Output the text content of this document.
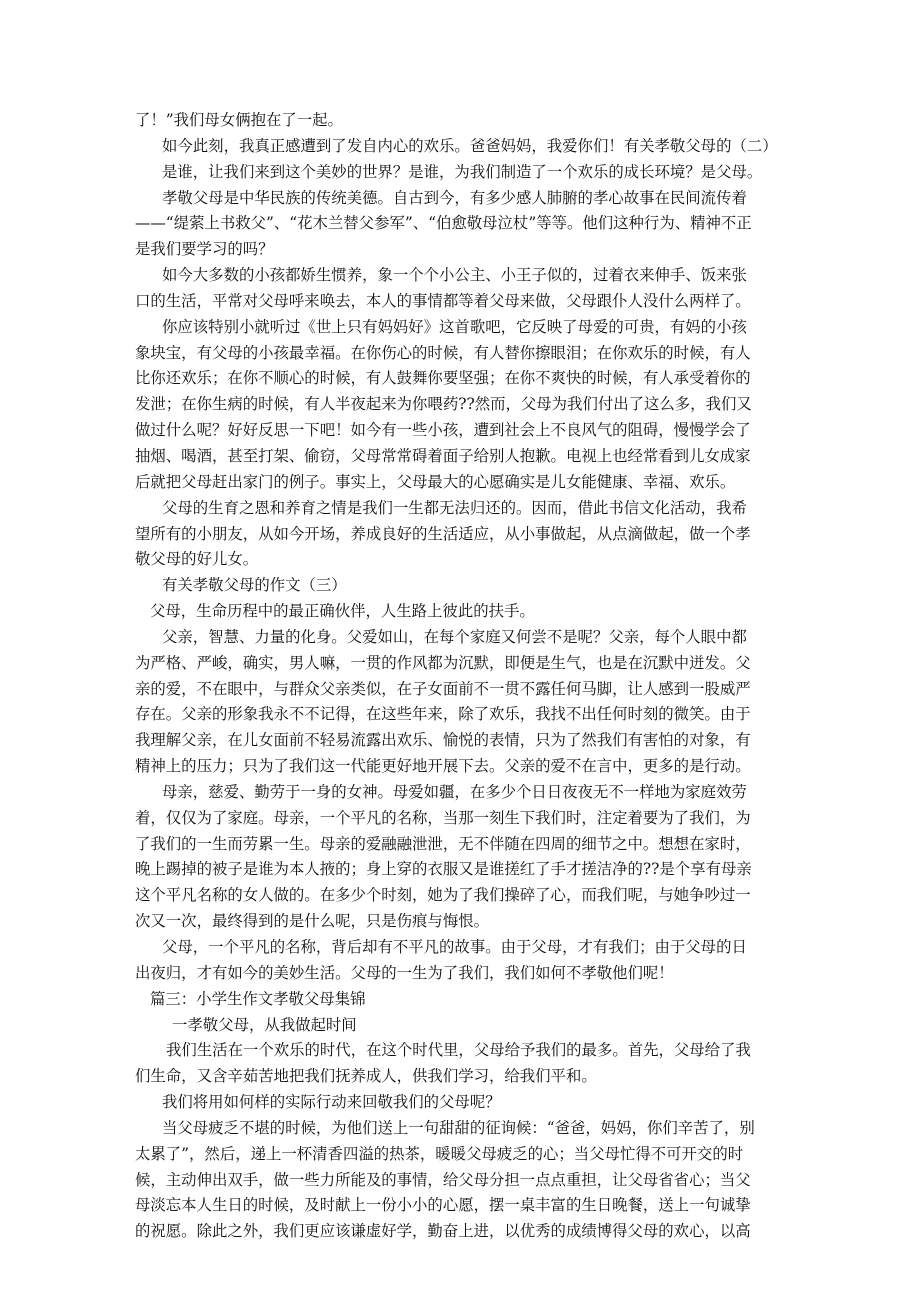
了！”我们母女俩抱在了一起。
如今此刻，我真正感遭到了发自内心的欢乐。爸爸妈妈，我爱你们！有关孝敬父母的（二）
是谁，让我们来到这个美妙的世界？是谁，为我们制造了一个欢乐的成长环境？是父母。
孝敬父母是中华民族的传统美德。自古到今，有多少感人肺腑的孝心故事在民间流传着
——“缇萦上书救父”、“花木兰替父参军”、“伯愈敬母泣杖”等等。他们这种行为、精神不正
是我们要学习的吗？
如今大多数的小孩都娇生惯养，象一个个小公主、小王子似的，过着衣来伸手、饭来张
口的生活，平常对父母呼来唤去，本人的事情都等着父母来做，父母跟仆人没什么两样了。
你应该特别小就听过《世上只有妈妈好》这首歌吧，它反映了母爱的可贵，有妈的小孩
象块宝，有父母的小孩最幸福。在你伤心的时候，有人替你擦眼泪；在你欢乐的时候，有人
比你还欢乐；在你不顺心的时候，有人鼓舞你要坚强；在你不爽快的时候，有人承受着你的
发泄；在你生病的时候，有人半夜起来为你喂药??然而，父母为我们付出了这么多，我们又
做过什么呢？好好反思一下吧！如今有一些小孩，遭到社会上不良风气的阻碍，慢慢学会了
抽烟、喝酒，甚至打架、偷窃，父母常常碍着面子给别人抱歉。电视上也经常看到儿女成家
后就把父母赶出家门的例子。事实上，父母最大的心愿确实是儿女能健康、幸福、欢乐。
父母的生育之恩和养育之情是我们一生都无法归还的。因而，借此书信文化活动，我希
望所有的小朋友，从如今开场，养成良好的生活适应，从小事做起，从点滴做起，做一个孝
敬父母的好儿女。
有关孝敬父母的作文（三）
父母，生命历程中的最正确伙伴，人生路上彼此的扶手。
父亲，智慧、力量的化身。父爱如山，在每个家庭又何尝不是呢？父亲，每个人眼中都
为严格、严峻，确实，男人嘛，一贯的作风都为沉默，即便是生气，也是在沉默中迸发。父
亲的爱，不在眼中，与群众父亲类似，在子女面前不一贯不露任何马脚，让人感到一股威严
存在。父亲的形象我永不不记得，在这些年来，除了欢乐，我找不出任何时刻的微笑。由于
我理解父亲，在儿女面前不轻易流露出欢乐、愉悦的表情，只为了然我们有害怕的对象，有
精神上的压力；只为了我们这一代能更好地开展下去。父亲的爱不在言中，更多的是行动。
母亲，慈爱、勤劳于一身的女神。母爱如疆，在多少个日日夜夜无不一样地为家庭效劳
着，仅仅为了家庭。母亲，一个平凡的名称，当那一刻生下我们时，注定着要为了我们，为
了我们的一生而劳累一生。母亲的爱融融泄泄，无不伴随在四周的细节之中。想想在家时，
晚上踢掉的被子是谁为本人掖的；身上穿的衣服又是谁搓红了手才搓洁净的??是个享有母亲
这个平凡名称的女人做的。在多少个时刻，她为了我们操碎了心，而我们呢，与她争吵过一
次又一次，最终得到的是什么呢，只是伤痕与悔恨。
父母，一个平凡的名称，背后却有不平凡的故事。由于父母，才有我们；由于父母的日
出夜归，才有如今的美妙生活。父母的一生为了我们，我们如何不孝敬他们呢！
篇三：小学生作文孝敬父母集锦
一孝敬父母，从我做起时间
我们生活在一个欢乐的时代，在这个时代里，父母给予我们的最多。首先，父母给了我
们生命，又含辛茹苦地把我们抚养成人，供我们学习，给我们平和。
我们将用如何样的实际行动来回敬我们的父母呢？
当父母疲乏不堪的时候，为他们送上一句甜甜的征询候：“爸爸，妈妈，你们辛苦了，别
太累了”，然后，递上一杯清香四溢的热茶，暖暖父母疲乏的心；当父母忙得不可开交的时
候，主动伸出双手，做一些力所能及的事情，给父母分担一点点重担，让父母省省心；当父
母淡忘本人生日的时候，及时献上一份小小的心愿，摆一桌丰富的生日晚餐，送上一句诚挚
的祝愿。除此之外，我们更应该谦虚好学，勤奋上进，以优秀的成绩博得父母的欢心，以高
